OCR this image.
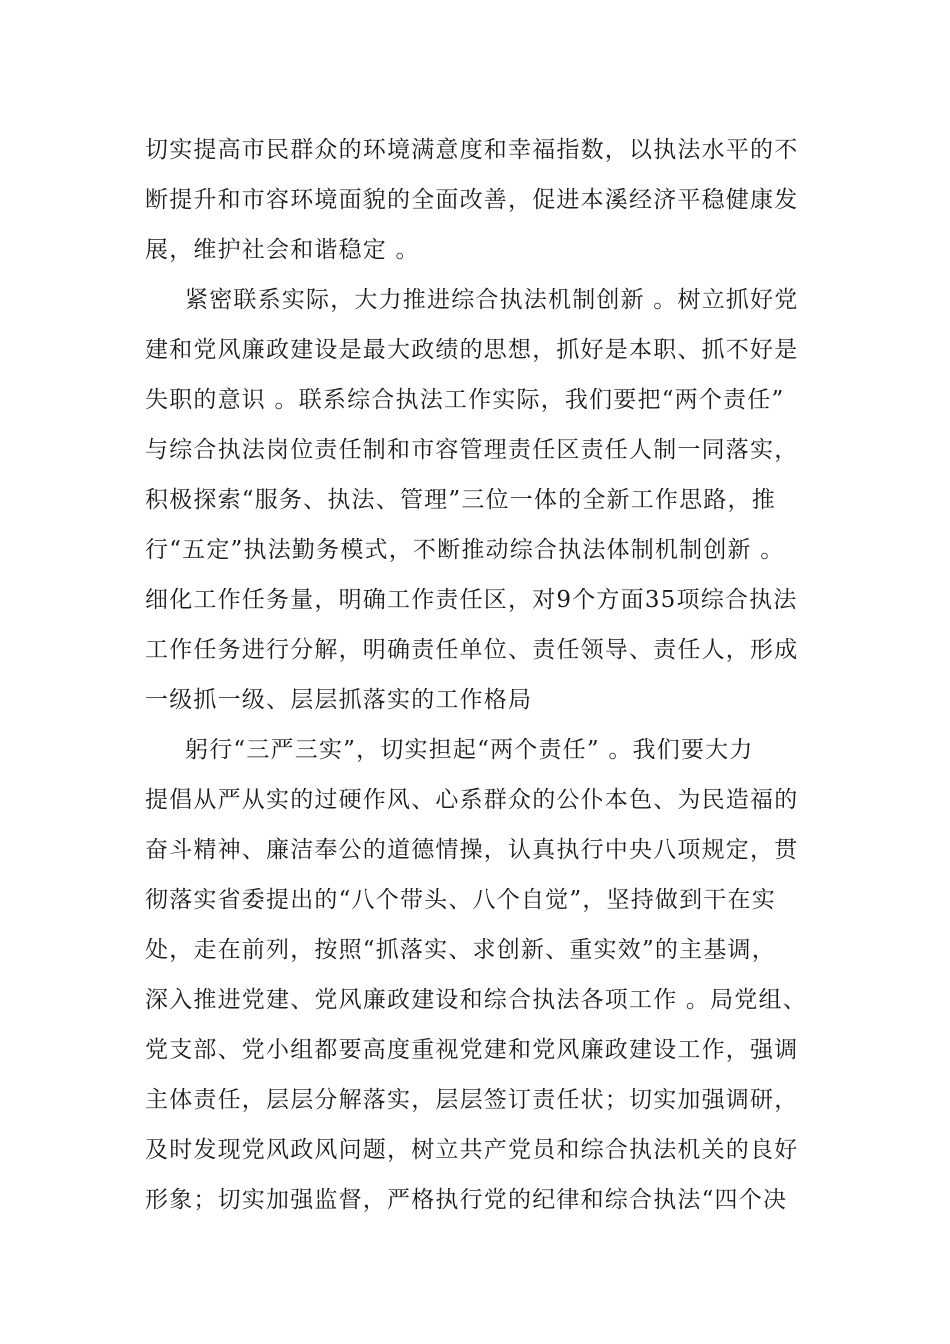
切实提高市民群众的环境满意度和幸福指数，以执法水平的不
断提升和市容环境面貌的全面改善，促进本溪经济平稳健康发
展，维护社会和谐稳定 。
紧密联系实际，大力推进综合执法机制创新 。树立抓好党
建和党风廉政建设是最大政绩的思想，抓好是本职、抓不好是
失职的意识 。联系综合执法工作实际，我们要把“两个责任”
与综合执法岗位责任制和市容管理责任区责任人制一同落实，
积极探索“服务、执法、管理”三位一体的全新工作思路，推
行“五定”执法勤务模式，不断推动综合执法体制机制创新 。
细化工作任务量，明确工作责任区，对9个方面35项综合执法
工作任务进行分解，明确责任单位、责任领导、责任人，形成
一级抓一级、层层抓落实的工作格局
躬行“三严三实”，切实担起“两个责任” 。我们要大力
提倡从严从实的过硬作风、心系群众的公仆本色、为民造福的
奋斗精神、廉洁奉公的道德情操，认真执行中央八项规定，贯
彻落实省委提出的“八个带头、八个自觉”，坚持做到干在实
处，走在前列，按照“抓落实、求创新、重实效”的主基调，
深入推进党建、党风廉政建设和综合执法各项工作 。局党组、
党支部、党小组都要高度重视党建和党风廉政建设工作，强调
主体责任，层层分解落实，层层签订责任状；切实加强调研，
及时发现党风政风问题，树立共产党员和综合执法机关的良好
形象；切实加强监督，严格执行党的纪律和综合执法“四个决
